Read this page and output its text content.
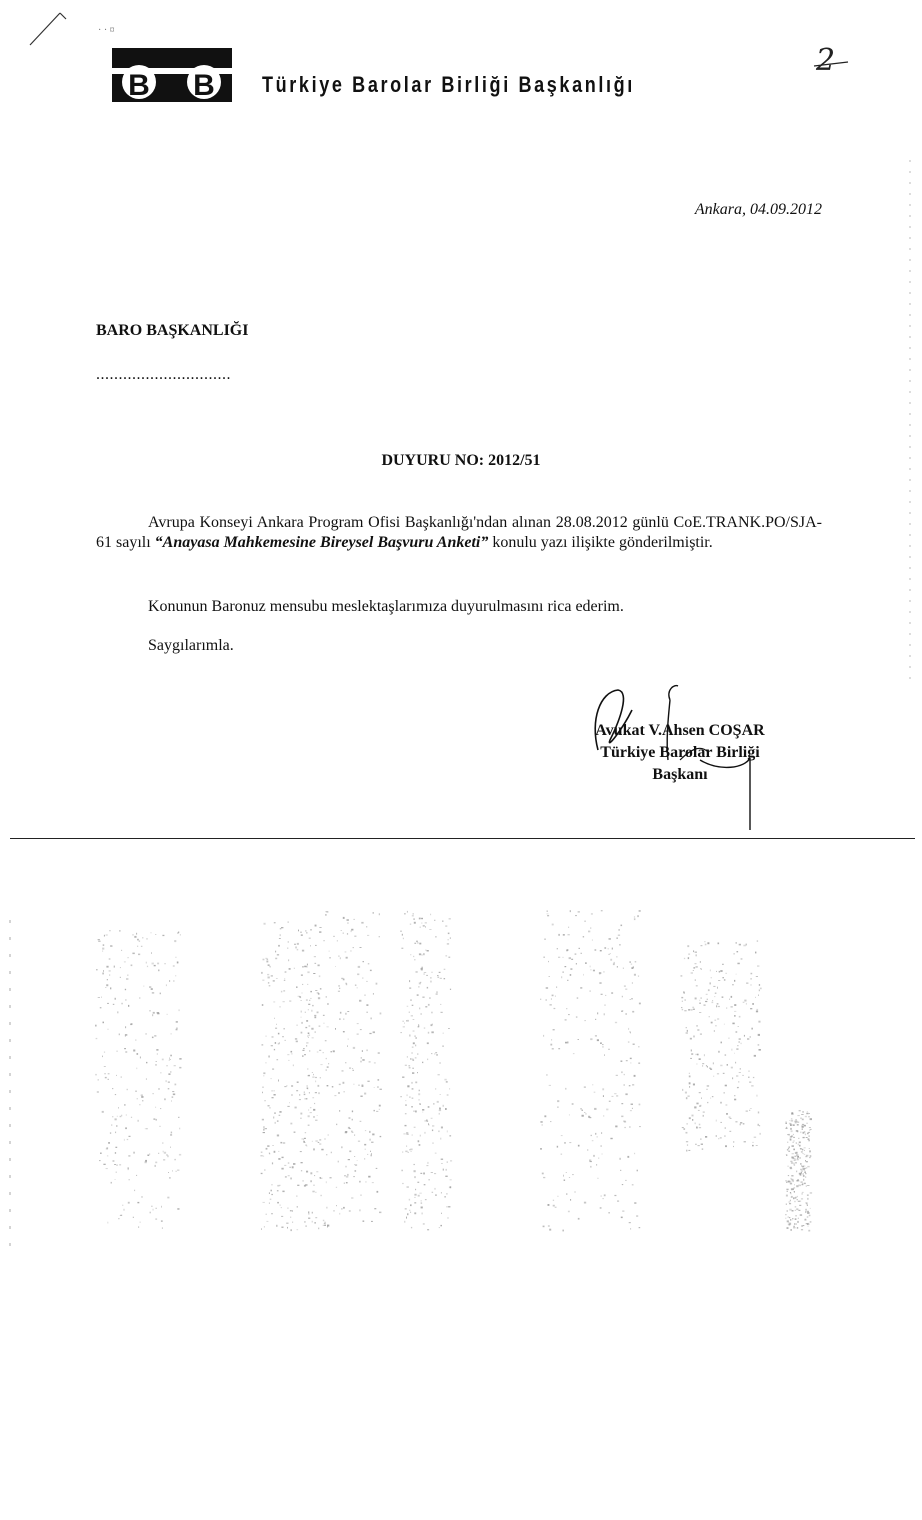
· · ¤
B B Türkiye Barolar Birliği Başkanlığı
2
Ankara, 04.09.2012
BARO BAŞKANLIĞI
..............................
DUYURU NO: 2012/51
Avrupa Konseyi Ankara Program Ofisi Başkanlığı'ndan alınan 28.08.2012 günlü CoE.TRANK.PO/SJA-61 sayılı “Anayasa Mahkemesine Bireysel Başvuru Anketi” konulu yazı ilişikte gönderilmiştir.
Konunun Baronuz mensubu meslektaşlarımıza duyurulmasını rica ederim.
Saygılarımla.
Avukat V.Ahsen COŞAR
Türkiye Barolar Birliği
Başkanı
